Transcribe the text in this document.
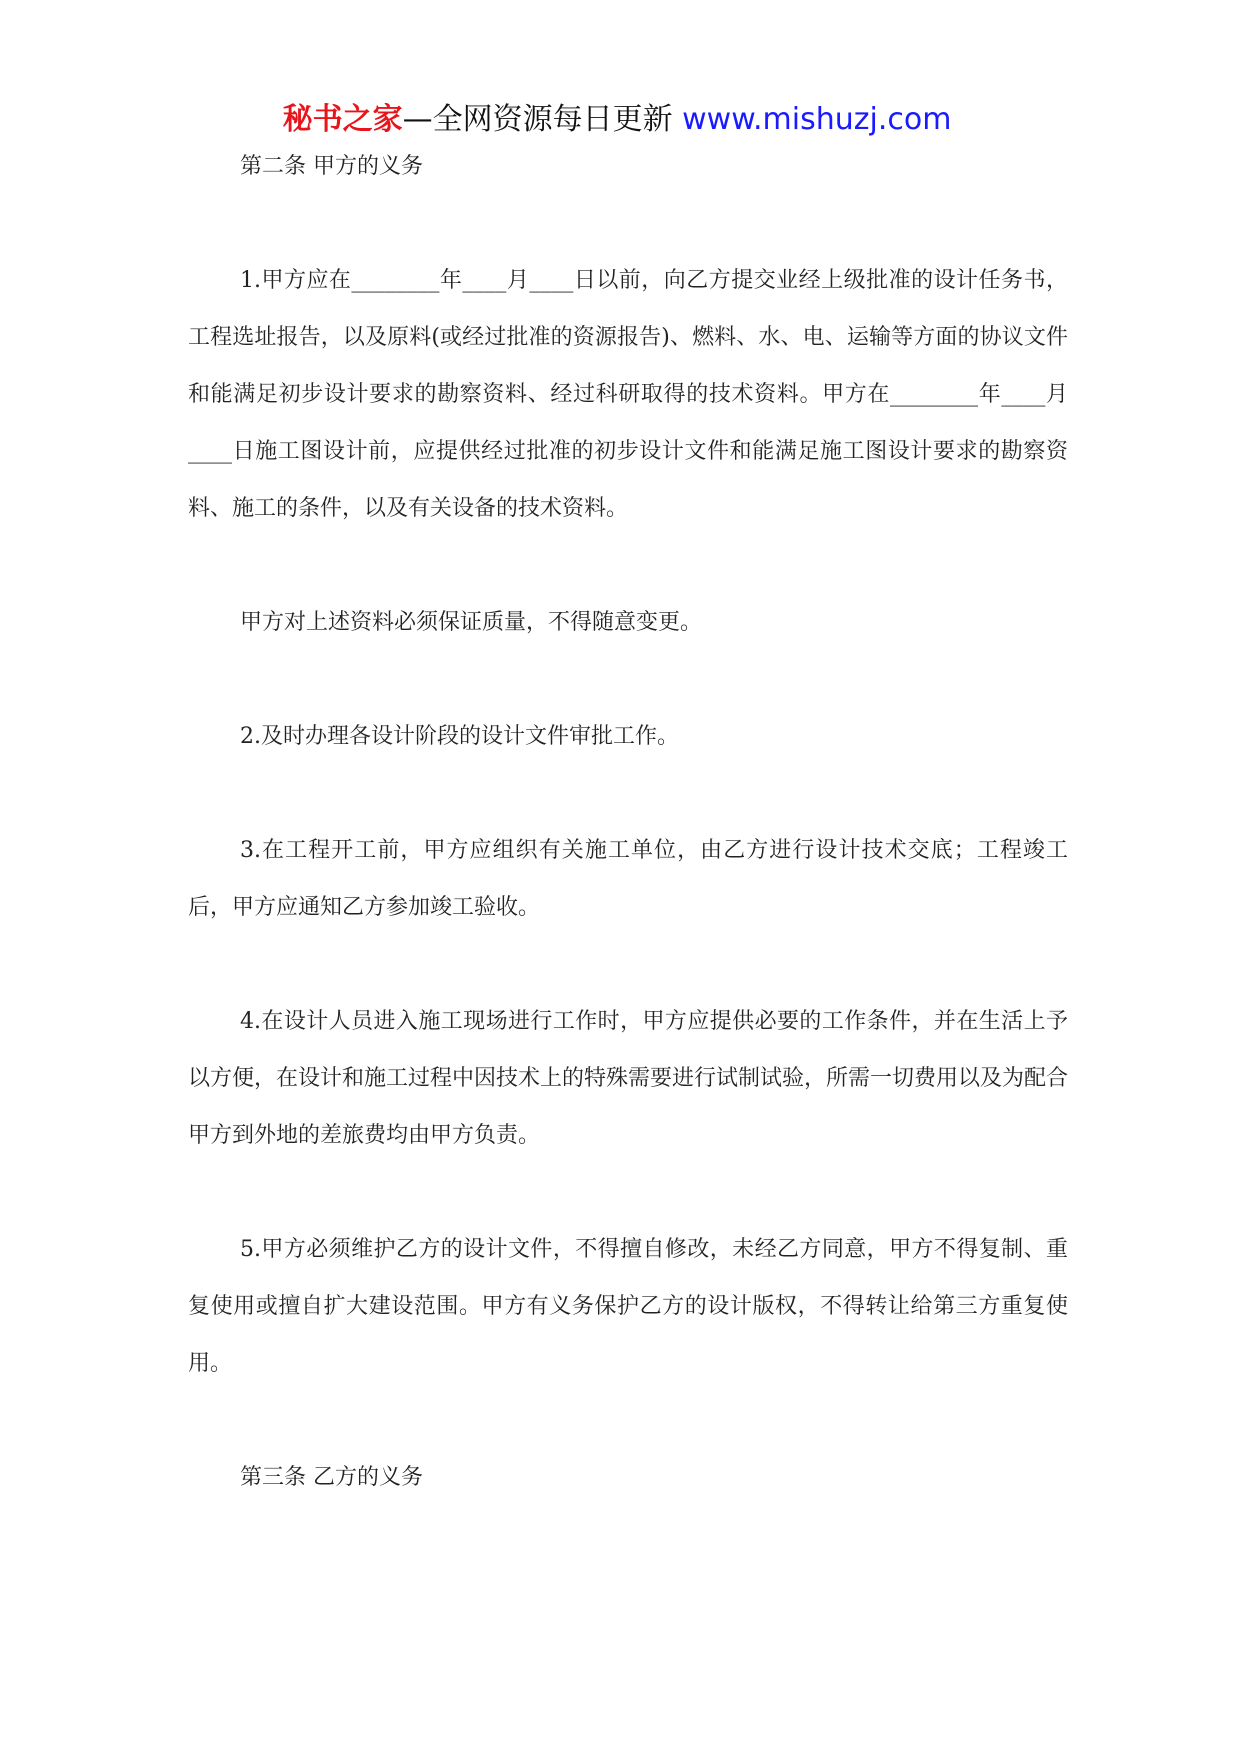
秘书之家—全网资源每日更新 www.mishuzj.com

第二条 甲方的义务

1.甲方应在________年____月____日以前，向乙方提交业经上级批准的设计任务书，工程选址报告，以及原料(或经过批准的资源报告)、燃料、水、电、运输等方面的协议文件和能满足初步设计要求的勘察资料、经过科研取得的技术资料。甲方在________年____月____日施工图设计前，应提供经过批准的初步设计文件和能满足施工图设计要求的勘察资料、施工的条件，以及有关设备的技术资料。

甲方对上述资料必须保证质量，不得随意变更。

2.及时办理各设计阶段的设计文件审批工作。

3.在工程开工前，甲方应组织有关施工单位，由乙方进行设计技术交底；工程竣工后，甲方应通知乙方参加竣工验收。

4.在设计人员进入施工现场进行工作时，甲方应提供必要的工作条件，并在生活上予以方便，在设计和施工过程中因技术上的特殊需要进行试制试验，所需一切费用以及为配合甲方到外地的差旅费均由甲方负责。

5.甲方必须维护乙方的设计文件，不得擅自修改，未经乙方同意，甲方不得复制、重复使用或擅自扩大建设范围。甲方有义务保护乙方的设计版权，不得转让给第三方重复使用。

第三条 乙方的义务
